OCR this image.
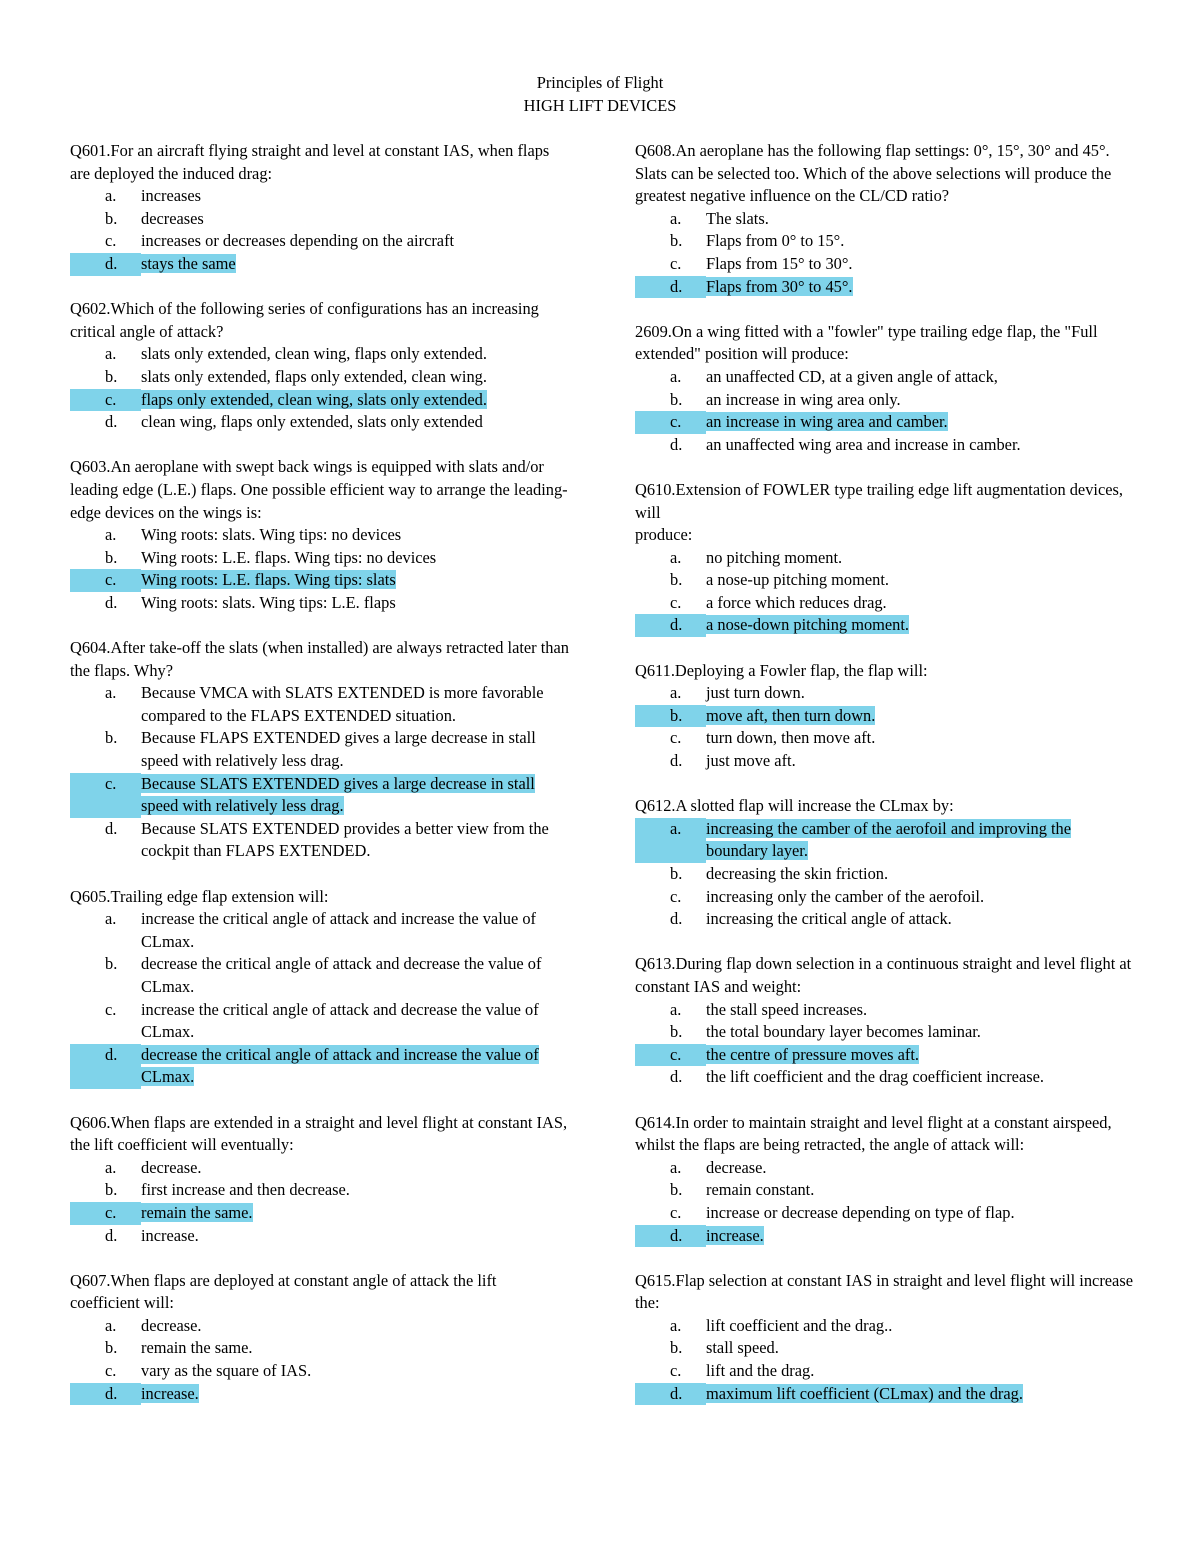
Principles of Flight
HIGH LIFT DEVICES

Q601.For an aircraft flying straight and level at constant IAS, when flaps are deployed the induced drag:

a.	increases
b.	decreases
c.	increases or decreases depending on the aircraft
d.	stays the same

Q602.Which of the following series of configurations has an increasing critical angle of attack?

a.	slats only extended, clean wing, flaps only extended.
b.	slats only extended, flaps only extended, clean wing.
c.	flaps only extended, clean wing, slats only extended.
d.	clean wing, flaps only extended, slats only extended

Q603.An aeroplane with swept back wings is equipped with slats and/or leading edge (L.E.) flaps. One possible efficient way to arrange the leading-edge devices on the wings is:

a.	Wing roots: slats. Wing tips: no devices
b.	Wing roots: L.E. flaps. Wing tips: no devices
c.	Wing roots: L.E. flaps. Wing tips: slats
d.	Wing roots: slats. Wing tips: L.E. flaps

Q604.After take-off the slats (when installed) are always retracted later than the flaps. Why?

a.	Because VMCA with SLATS EXTENDED is more favorable compared to the FLAPS EXTENDED situation.
b.	Because FLAPS EXTENDED gives a large decrease in stall speed with relatively less drag.
c.	Because SLATS EXTENDED gives a large decrease in stall speed with relatively less drag.
d.	Because SLATS EXTENDED provides a better view from the cockpit than FLAPS EXTENDED.

Q605.Trailing edge flap extension will:

a.	increase the critical angle of attack and increase the value of CLmax.
b.	decrease the critical angle of attack and decrease the value of CLmax.
c.	increase the critical angle of attack and decrease the value of CLmax.
d.	decrease the critical angle of attack and increase the value of CLmax.

Q606.When flaps are extended in a straight and level flight at constant IAS, the lift coefficient will eventually:

a.	decrease.
b.	first increase and then decrease.
c.	remain the same.
d.	increase.

Q607.When flaps are deployed at constant angle of attack the lift coefficient will:

a.	decrease.
b.	remain the same.
c.	vary as the square of IAS.
d.	increase.

Q608.An aeroplane has the following flap settings: 0°, 15°, 30° and 45°. Slats can be selected too. Which of the above selections will produce the greatest negative influence on the CL/CD ratio?

a.	The slats.
b.	Flaps from 0° to 15°.
c.	Flaps from 15° to 30°.
d.	Flaps from 30° to 45°.

2609.On a wing fitted with a "fowler" type trailing edge flap, the "Full extended" position will produce:

a.	an unaffected CD, at a given angle of attack,
b.	an increase in wing area only.
c.	an increase in wing area and camber.
d.	an unaffected wing area and increase in camber.

Q610.Extension of FOWLER type trailing edge lift augmentation devices, will

produce:

a.	no pitching moment.
b.	a nose-up pitching moment.
c.	a force which reduces drag.
d.	a nose-down pitching moment.

Q611.Deploying a Fowler flap, the flap will:

a.	just turn down.
b.	move aft, then turn down.
c.	turn down, then move aft.
d.	just move aft.

Q612.A slotted flap will increase the CLmax by:

a.	increasing the camber of the aerofoil and improving the boundary layer.
b.	decreasing the skin friction.
c.	increasing only the camber of the aerofoil.
d.	increasing the critical angle of attack.

Q613.During flap down selection in a continuous straight and level flight at constant IAS and weight:

a.	the stall speed increases.
b.	the total boundary layer becomes laminar.
c.	the centre of pressure moves aft.
d.	the lift coefficient and the drag coefficient increase.

Q614.In order to maintain straight and level flight at a constant airspeed, whilst the flaps are being retracted, the angle of attack will:

a.	decrease.
b.	remain constant.
c.	increase or decrease depending on type of flap.
d.	increase.

Q615.Flap selection at constant IAS in straight and level flight will increase the:

a.	lift coefficient and the drag..
b.	stall speed.
c.	lift and the drag.
d.	maximum lift coefficient (CLmax) and the drag.
